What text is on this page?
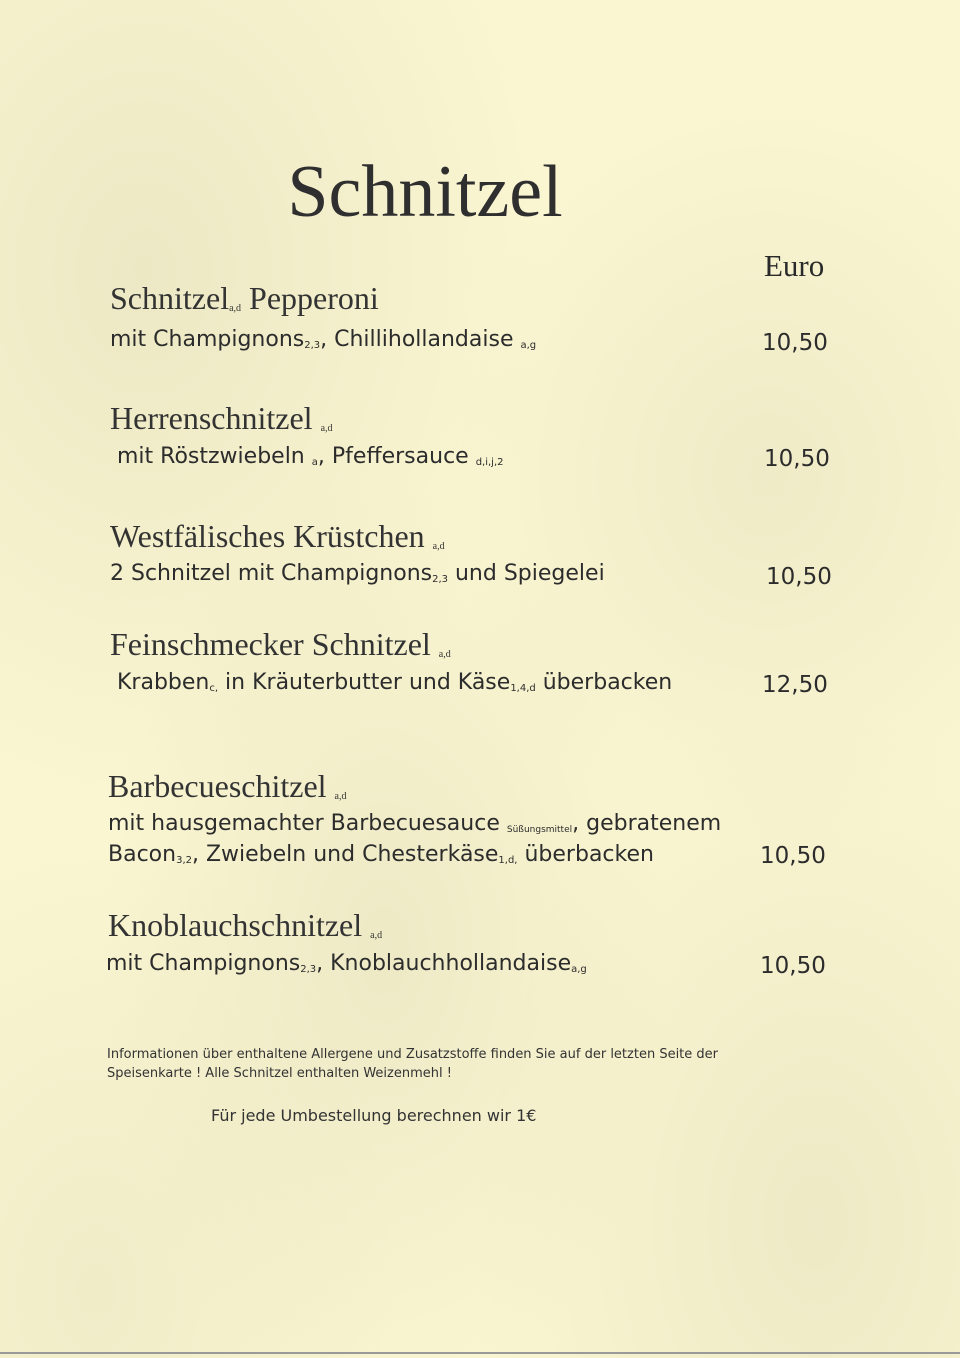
Schnitzel
Euro
Schnitzel$_{a,d}$ Pepperoni
mit Champignons$_{2,3}$, Chillihollandaise $_{a,g}$	10,50
Herrenschnitzel $_{a,d}$
mit Röstzwiebeln $_a$, Pfeffersauce $_{d,i,j,2}$	10,50
Westfälisches Krüstchen $_{a,d}$
2 Schnitzel mit Champignons$_{2,3}$ und Spiegelei	10,50
Feinschmecker Schnitzel $_{a,d}$
Krabben$_{c,}$ in Kräuterbutter und Käse$_{1,4,d}$ überbacken	12,50
Barbecueschitzel $_{a,d}$
mit hausgemachter Barbecuesauce $_{Süßungsmittel}$, gebratenem
Bacon$_{3,2}$, Zwiebeln und Chesterkäse$_{1,d,}$ überbacken	10,50
Knoblauchschnitzel $_{a,d}$
mit Champignons$_{2,3}$, Knoblauchhollandaise$_{a,g}$	10,50
Informationen über enthaltene Allergene und Zusatzstoffe finden Sie auf der letzten Seite der
Speisenkarte ! Alle Schnitzel enthalten Weizenmehl !
Für jede Umbestellung berechnen wir 1€
